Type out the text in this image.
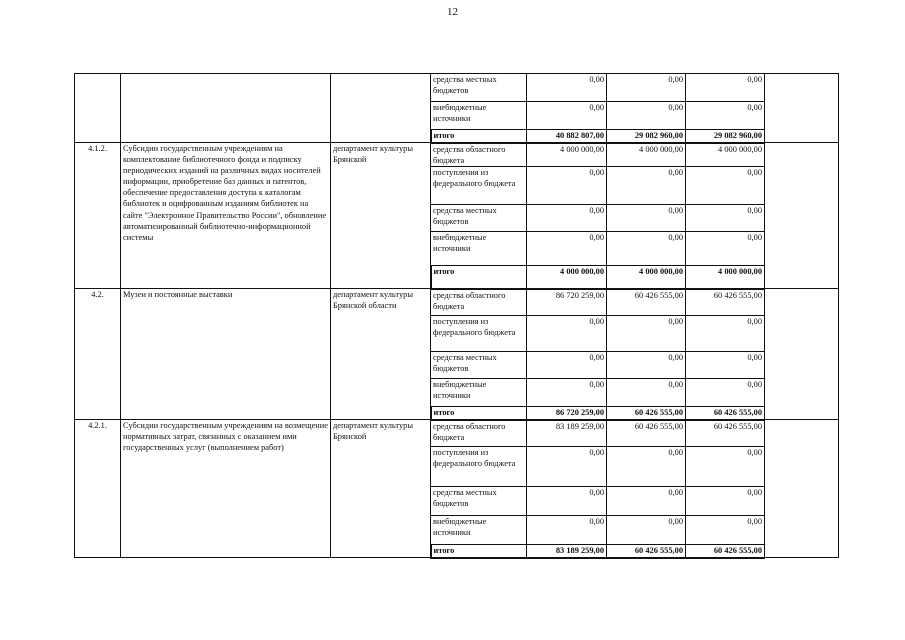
12
			средства местных бюджетов	0,00	0,00	0,00	
			внебюджетные источники	0,00	0,00	0,00	
			итого	40 882 807,00	29 082 960,00	29 082 960,00	
4.1.2.	Субсидии государственным учреждениям на комплектование библиотечного фонда и подписку периодических изданий на различных видах носителей информации, приобретение баз данных и патентов, обеспечение предоставления доступа к каталогам библиотек и оцифрованным изданиям библиотек на сайте "Электронное Правительство России", обновление автоматизированный библиотечно-информационной системы	департамент культуры Брянской	средства областного бюджета	4 000 000,00	4 000 000,00	4 000 000,00	
			поступления из федерального бюджета	0,00	0,00	0,00	
			средства местных бюджетов	0,00	0,00	0,00	
			внебюджетные источники	0,00	0,00	0,00	
			итого	4 000 000,00	4 000 000,00	4 000 000,00	
4.2.	Музеи и постоянные выставки	департамент культуры Брянской области	средства областного бюджета	86 720 259,00	60 426 555,00	60 426 555,00	
			поступления из федерального бюджета	0,00	0,00	0,00	
			средства местных бюджетов	0,00	0,00	0,00	
			внебюджетные источники	0,00	0,00	0,00	
			итого	86 720 259,00	60 426 555,00	60 426 555,00	
4.2.1.	Субсидии государственным учреждениям на возмещение нормативных затрат, связанных с оказанием ими государственных услуг (выполнением работ)	департамент культуры Брянской	средства областного бюджета	83 189 259,00	60 426 555,00	60 426 555,00	
			поступления из федерального бюджета	0,00	0,00	0,00	
			средства местных бюджетов	0,00	0,00	0,00	
			внебюджетные источники	0,00	0,00	0,00	
			итого	83 189 259,00	60 426 555,00	60 426 555,00	
